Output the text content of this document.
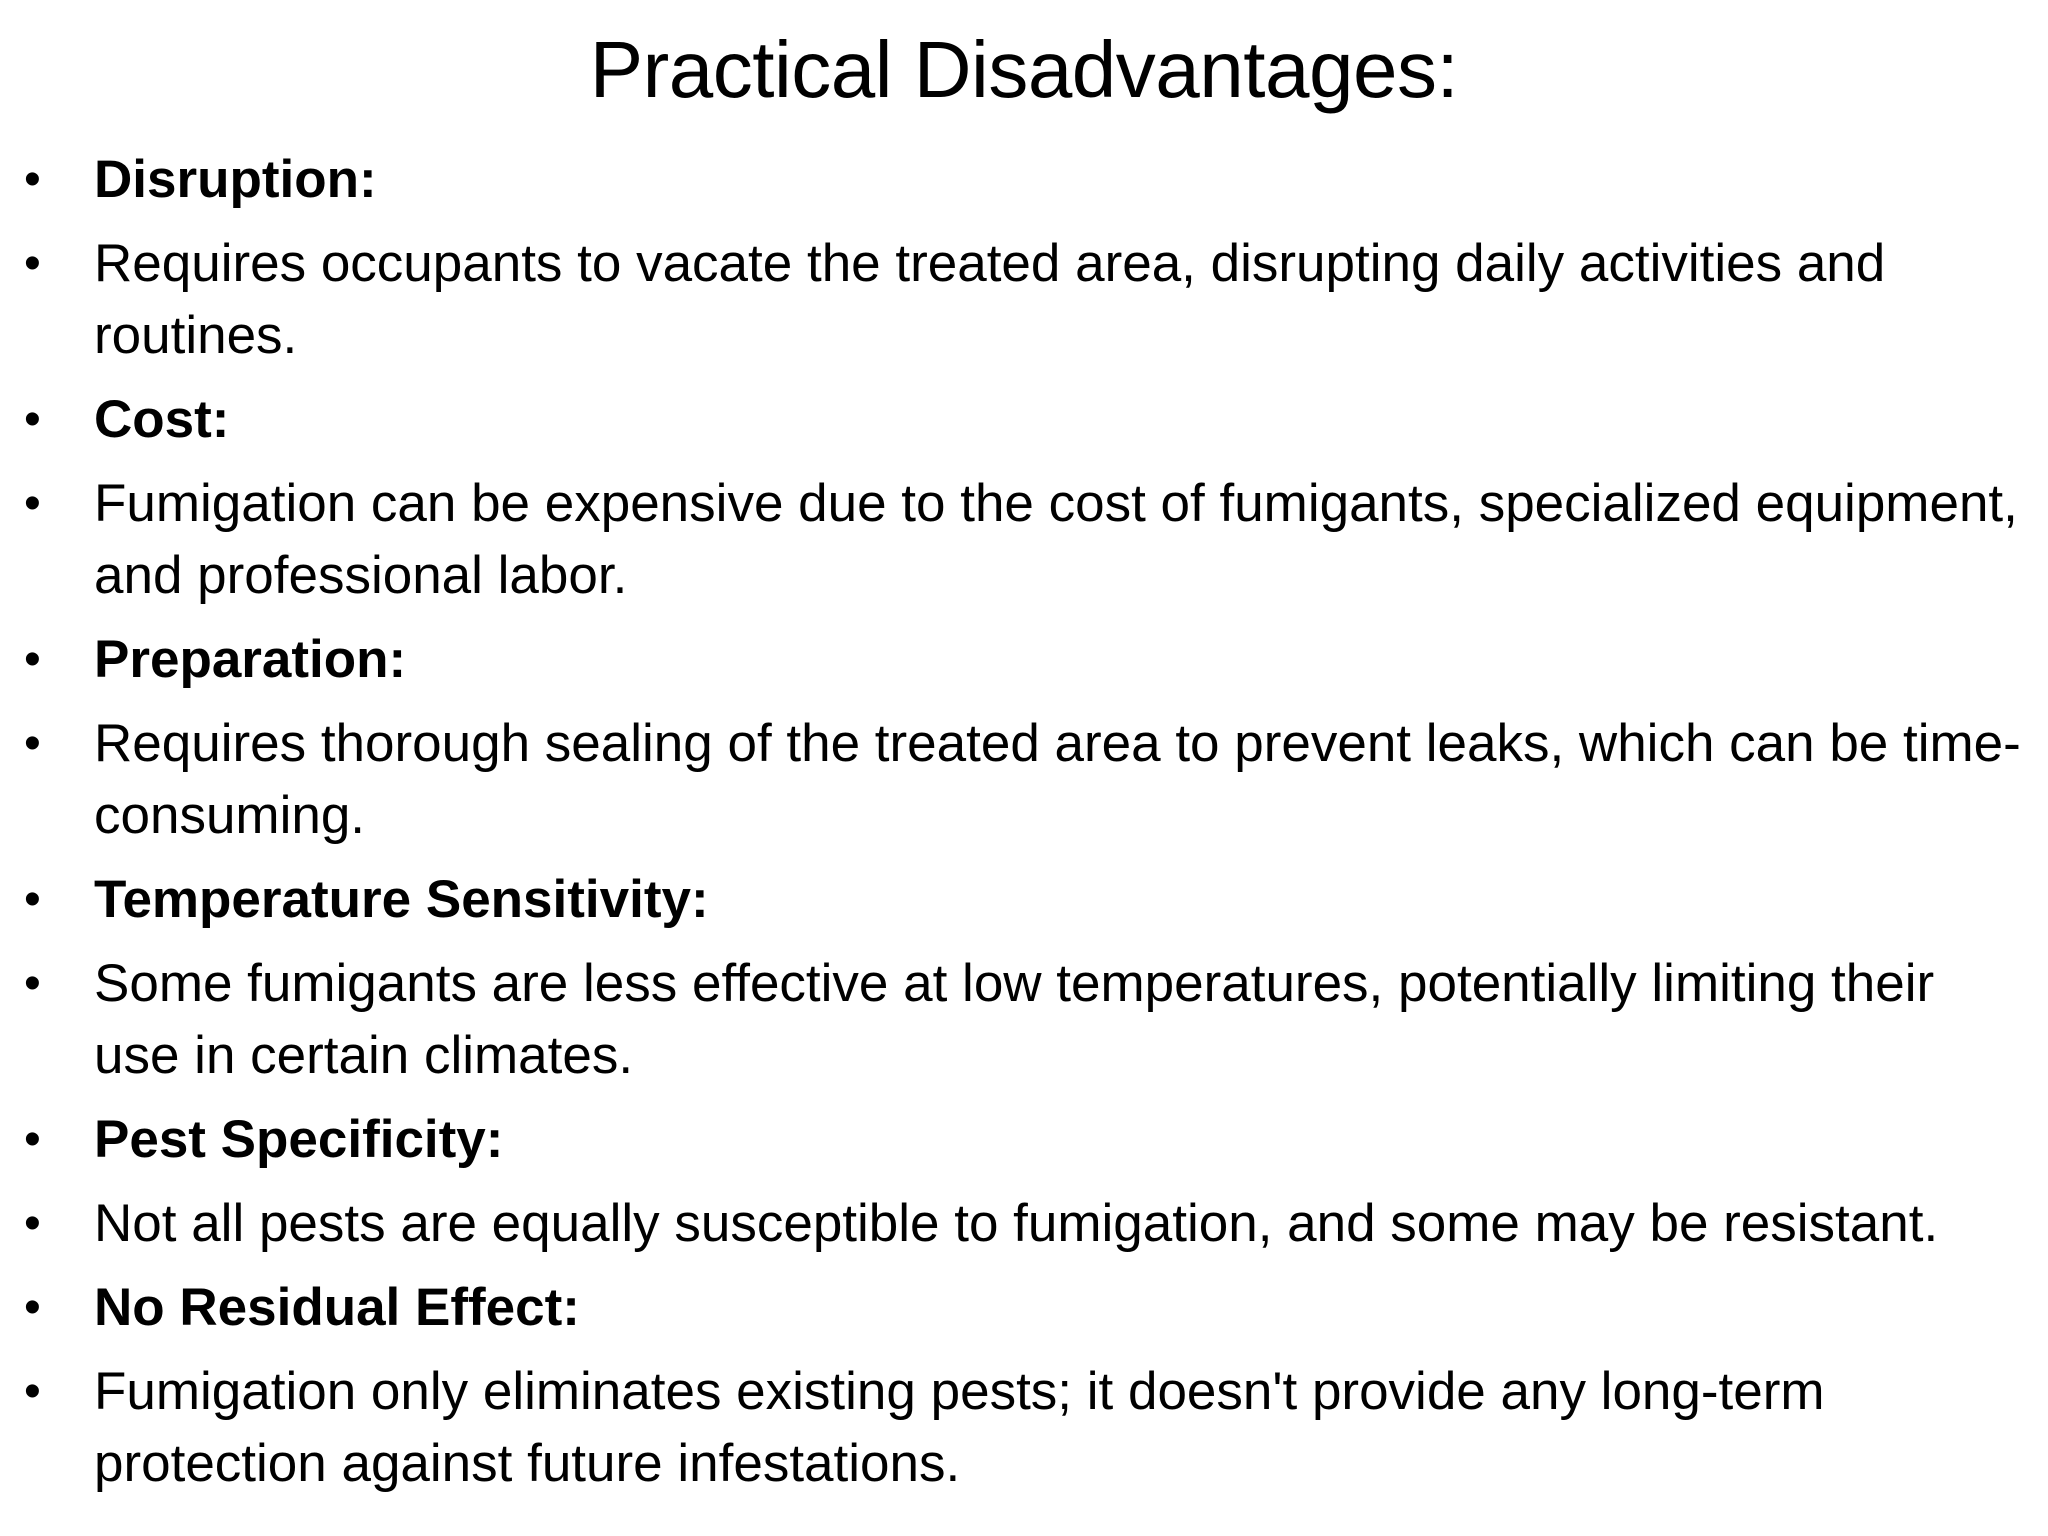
Practical Disadvantages:
•	Disruption:
•	Requires occupants to vacate the treated area, disrupting daily activities and routines.
•	Cost:
•	Fumigation can be expensive due to the cost of fumigants, specialized equipment, and professional labor.
•	Preparation:
•	Requires thorough sealing of the treated area to prevent leaks, which can be time-consuming.
•	Temperature Sensitivity:
•	Some fumigants are less effective at low temperatures, potentially limiting their use in certain climates.
•	Pest Specificity:
•	Not all pests are equally susceptible to fumigation, and some may be resistant.
•	No Residual Effect:
•	Fumigation only eliminates existing pests; it doesn't provide any long-term protection against future infestations.
